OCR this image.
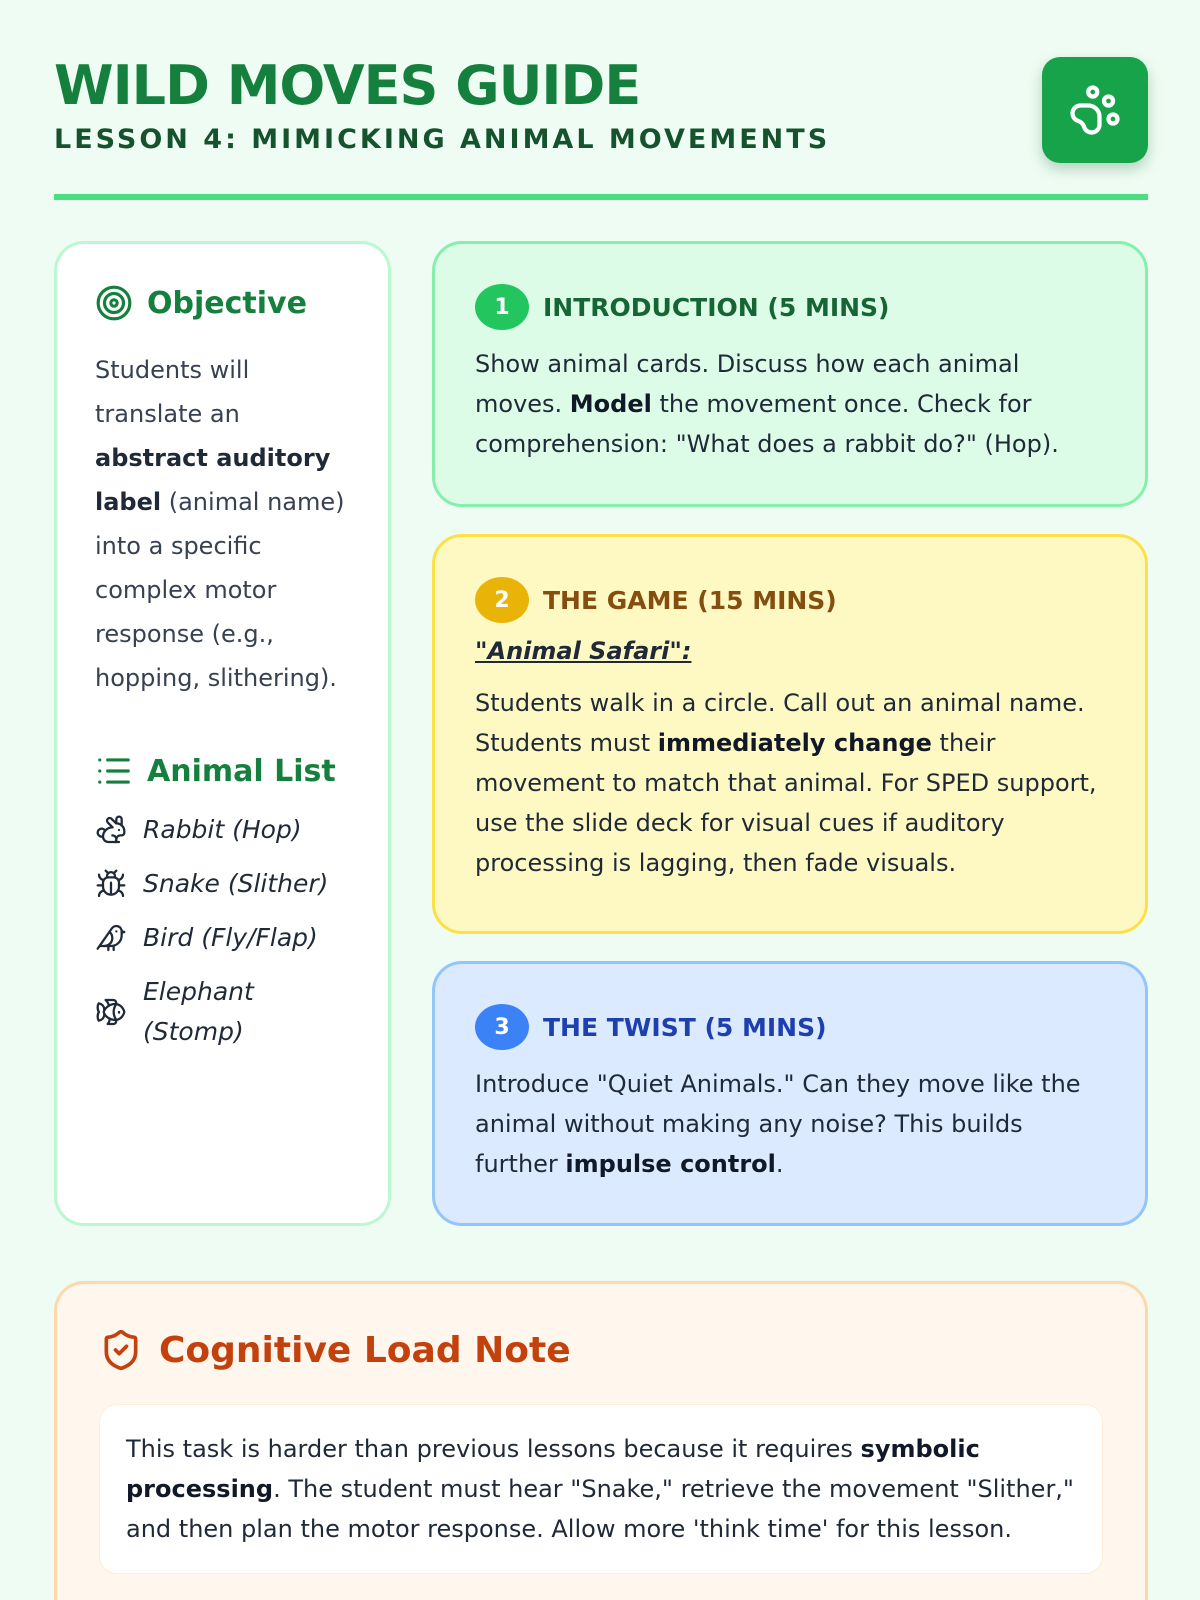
WILD MOVES GUIDE
LESSON 4: MIMICKING ANIMAL MOVEMENTS
Objective

Students will translate an abstract auditory label (animal name) into a specific complex motor response (e.g., hopping, slithering).

Animal List
Rabbit (Hop)
Snake (Slither)
Bird (Fly/Flap)
Elephant (Stomp)
1	INTRODUCTION (5 MINS)

Show animal cards. Discuss how each animal moves. Model the movement once. Check for comprehension: "What does a rabbit do?" (Hop).

2	THE GAME (15 MINS)

"Animal Safari":

Students walk in a circle. Call out an animal name. Students must immediately change their movement to match that animal. For SPED support, use the slide deck for visual cues if auditory processing is lagging, then fade visuals.

3	THE TWIST (5 MINS)

Introduce "Quiet Animals." Can they move like the animal without making any noise? This builds further impulse control.

Cognitive Load Note
This task is harder than previous lessons because it requires symbolic processing. The student must hear "Snake," retrieve the movement "Slither," and then plan the motor response. Allow more 'think time' for this lesson.
